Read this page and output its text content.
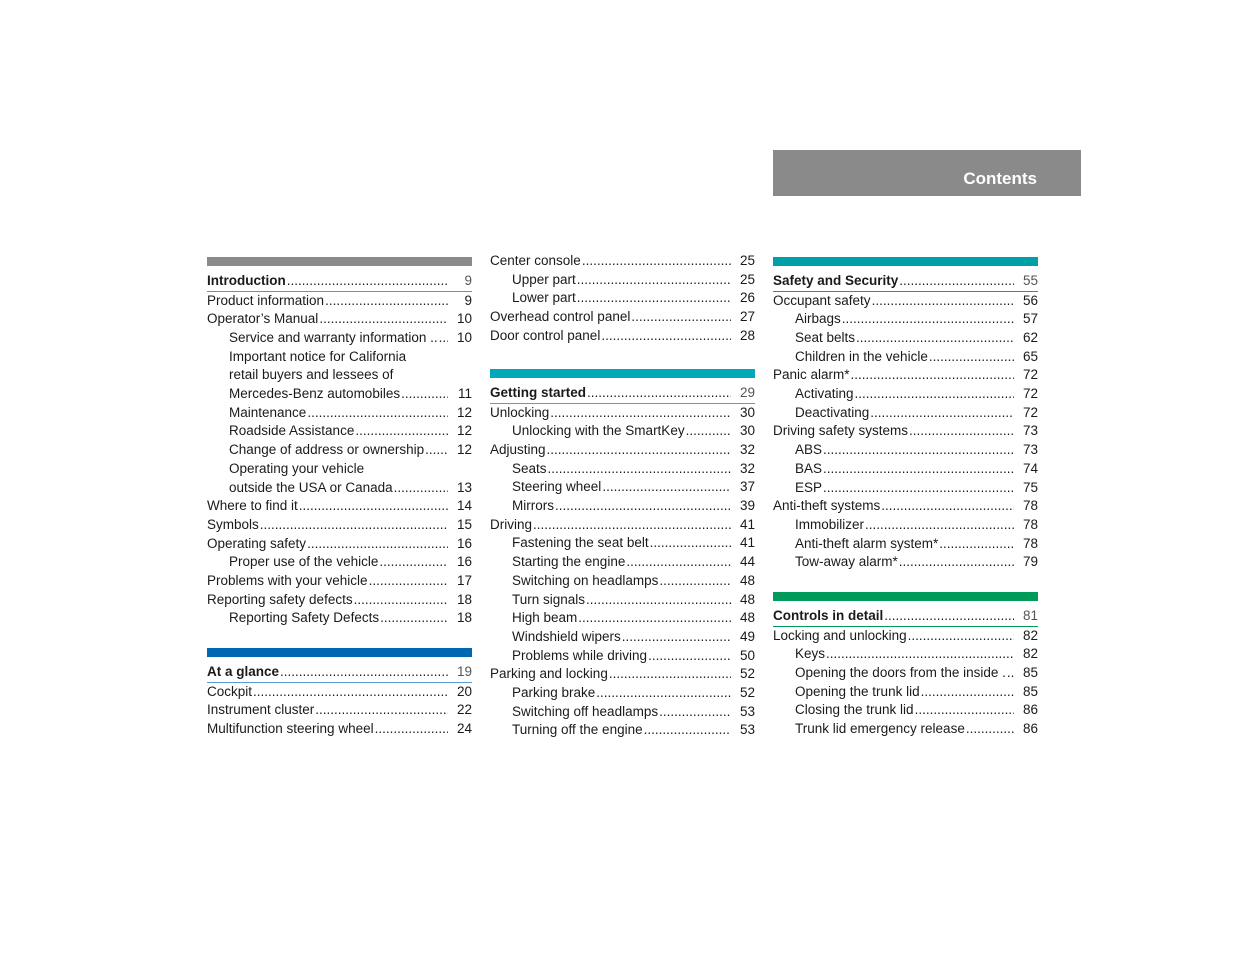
Contents
Introduction .....	9
Product information .....	9
Operator’s Manual .....	10
Service and warranty information .. .....	10
Important notice for California
retail buyers and lessees of
Mercedes-Benz automobiles .....	11
Maintenance .....	12
Roadside Assistance .....	12
Change of address or ownership .....	12
Operating your vehicle
outside the USA or Canada .....	13
Where to find it .....	14
Symbols .....	15
Operating safety .....	16
Proper use of the vehicle .....	16
Problems with your vehicle .....	17
Reporting safety defects .....	18
Reporting Safety Defects .....	18
At a glance .....	19
Cockpit .....	20
Instrument cluster .....	22
Multifunction steering wheel .....	24
Center console .....	25
Upper part .....	25
Lower part .....	26
Overhead control panel .....	27
Door control panel .....	28
Getting started .....	29
Unlocking .....	30
Unlocking with the SmartKey .....	30
Adjusting .....	32
Seats .....	32
Steering wheel .....	37
Mirrors .....	39
Driving .....	41
Fastening the seat belt .....	41
Starting the engine .....	44
Switching on headlamps .....	48
Turn signals .....	48
High beam .....	48
Windshield wipers .....	49
Problems while driving .....	50
Parking and locking .....	52
Parking brake .....	52
Switching off headlamps .....	53
Turning off the engine .....	53
Safety and Security .....	55
Occupant safety .....	56
Airbags .....	57
Seat belts .....	62
Children in the vehicle .....	65
Panic alarm* .....	72
Activating .....	72
Deactivating .....	72
Driving safety systems .....	73
ABS .....	73
BAS .....	74
ESP .....	75
Anti-theft systems .....	78
Immobilizer .....	78
Anti-theft alarm system* .....	78
Tow-away alarm* .....	79
Controls in detail .....	81
Locking and unlocking .....	82
Keys .....	82
Opening the doors from the inside . .....	85
Opening the trunk lid .....	85
Closing the trunk lid .....	86
Trunk lid emergency release .....	86
